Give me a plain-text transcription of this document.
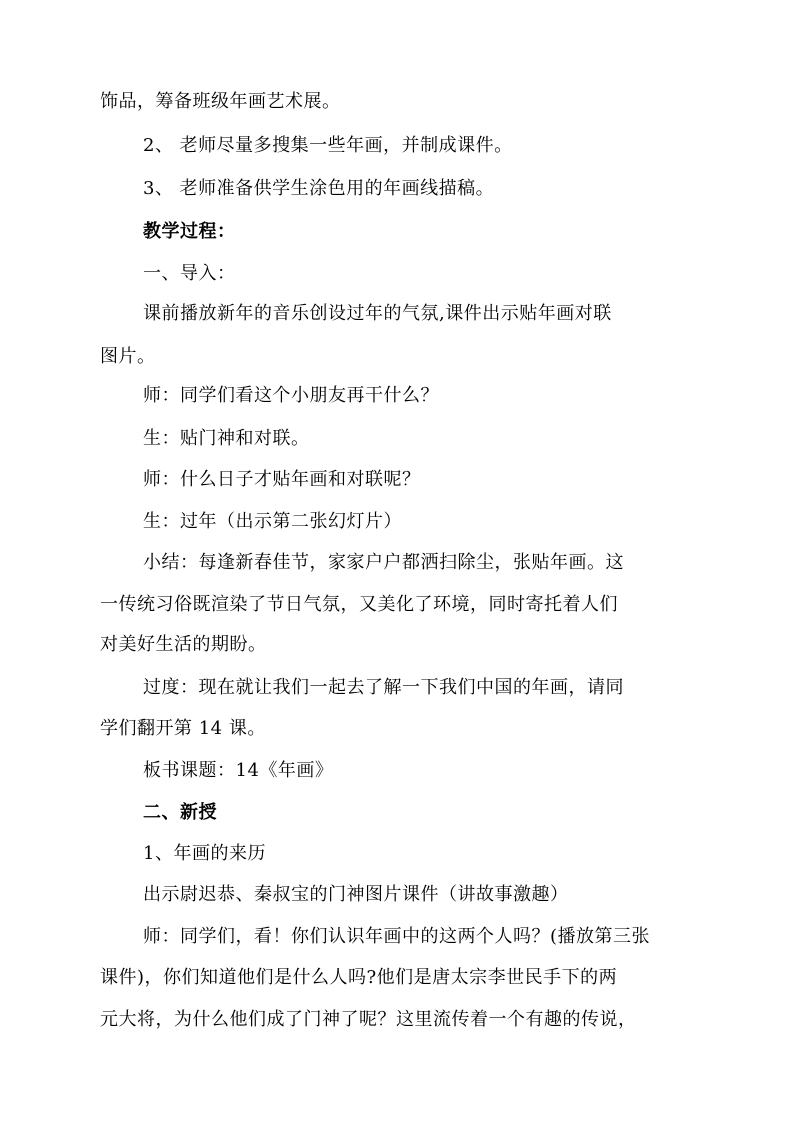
饰品，筹备班级年画艺术展。
2、 老师尽量多搜集一些年画，并制成课件。
3、 老师准备供学生涂色用的年画线描稿。
教学过程：
一、导入：
课前播放新年的音乐创设过年的气氛,课件出示贴年画对联
图片。
师：同学们看这个小朋友再干什么？
生：贴门神和对联。
师：什么日子才贴年画和对联呢？
生：过年（出示第二张幻灯片）
小结：每逢新春佳节，家家户户都洒扫除尘，张贴年画。这
一传统习俗既渲染了节日气氛，又美化了环境，同时寄托着人们
对美好生活的期盼。
过度：现在就让我们一起去了解一下我们中国的年画，请同
学们翻开第 14 课。
板书课题：14《年画》
二、新授
1、年画的来历
出示尉迟恭、秦叔宝的门神图片课件（讲故事激趣）
师：同学们，看！你们认识年画中的这两个人吗？(播放第三张
课件)，你们知道他们是什么人吗?他们是唐太宗李世民手下的两
元大将，为什么他们成了门神了呢？这里流传着一个有趣的传说，
